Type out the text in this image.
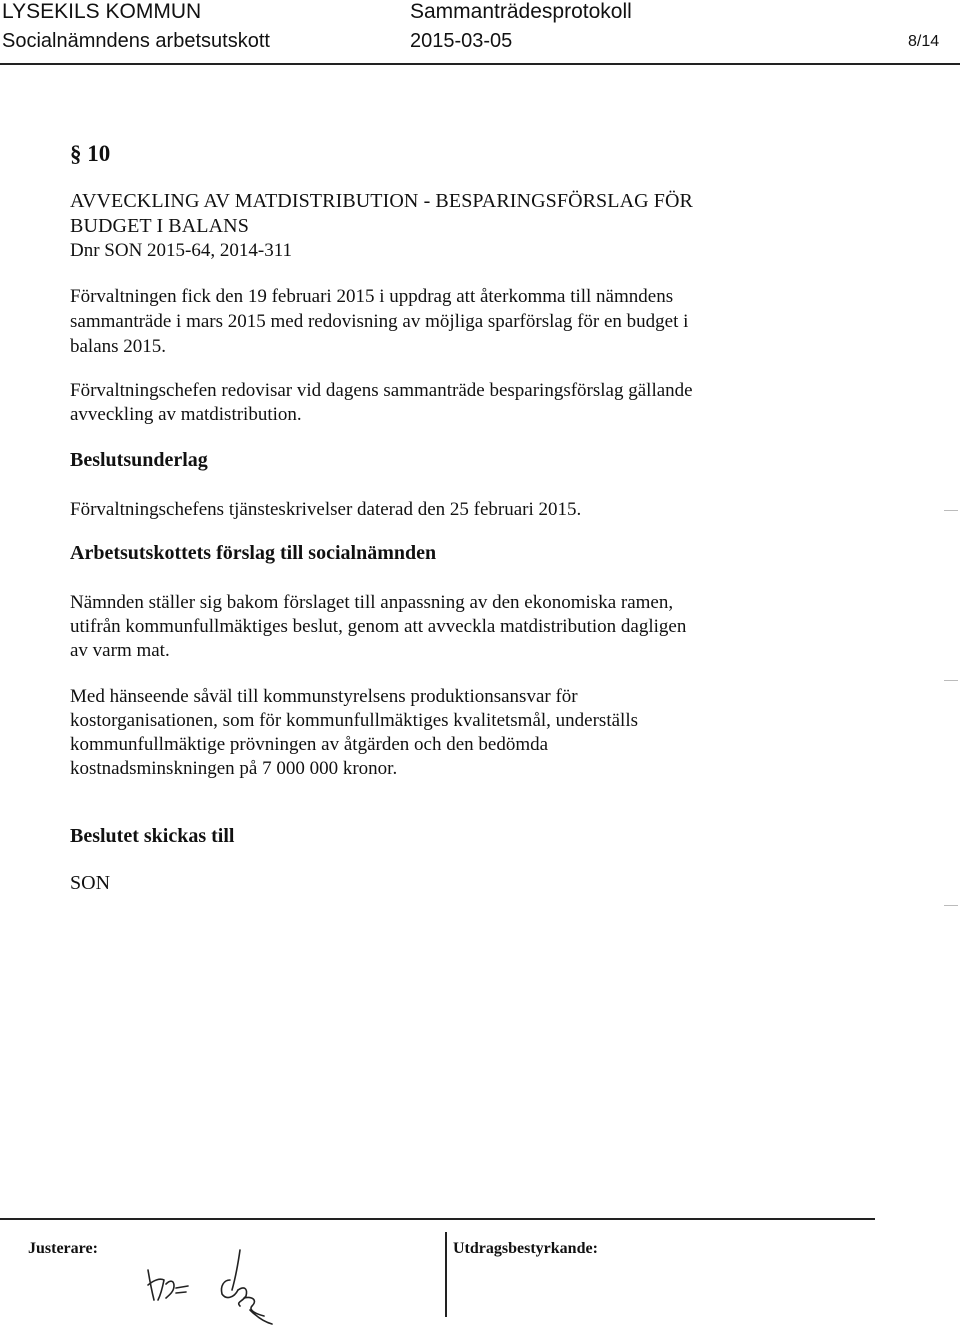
LYSEKILS KOMMUN
Socialnämndens arbetsutskott
Sammanträdesprotokoll
2015-03-05	8/14
§ 10
AVVECKLING AV MATDISTRIBUTION - BESPARINGSFÖRSLAG FÖR
BUDGET I BALANS
Dnr SON 2015-64, 2014-311
Förvaltningen fick den 19 februari 2015 i uppdrag att återkomma till nämndens
sammanträde i mars 2015 med redovisning av möjliga sparförslag för en budget i
balans 2015.
Förvaltningschefen redovisar vid dagens sammanträde besparingsförslag gällande
avveckling av matdistribution.
Beslutsunderlag
Förvaltningschefens tjänsteskrivelser daterad den 25 februari 2015.
Arbetsutskottets förslag till socialnämnden
Nämnden ställer sig bakom förslaget till anpassning av den ekonomiska ramen,
utifrån kommunfullmäktiges beslut, genom att avveckla matdistribution dagligen
av varm mat.
Med hänseende såväl till kommunstyrelsens produktionsansvar för
kostorganisationen, som för kommunfullmäktiges kvalitetsmål, underställs
kommunfullmäktige prövningen av åtgärden och den bedömda
kostnadsminskningen på 7 000 000 kronor.
Beslutet skickas till
SON
Justerare:	Utdragsbestyrkande:
